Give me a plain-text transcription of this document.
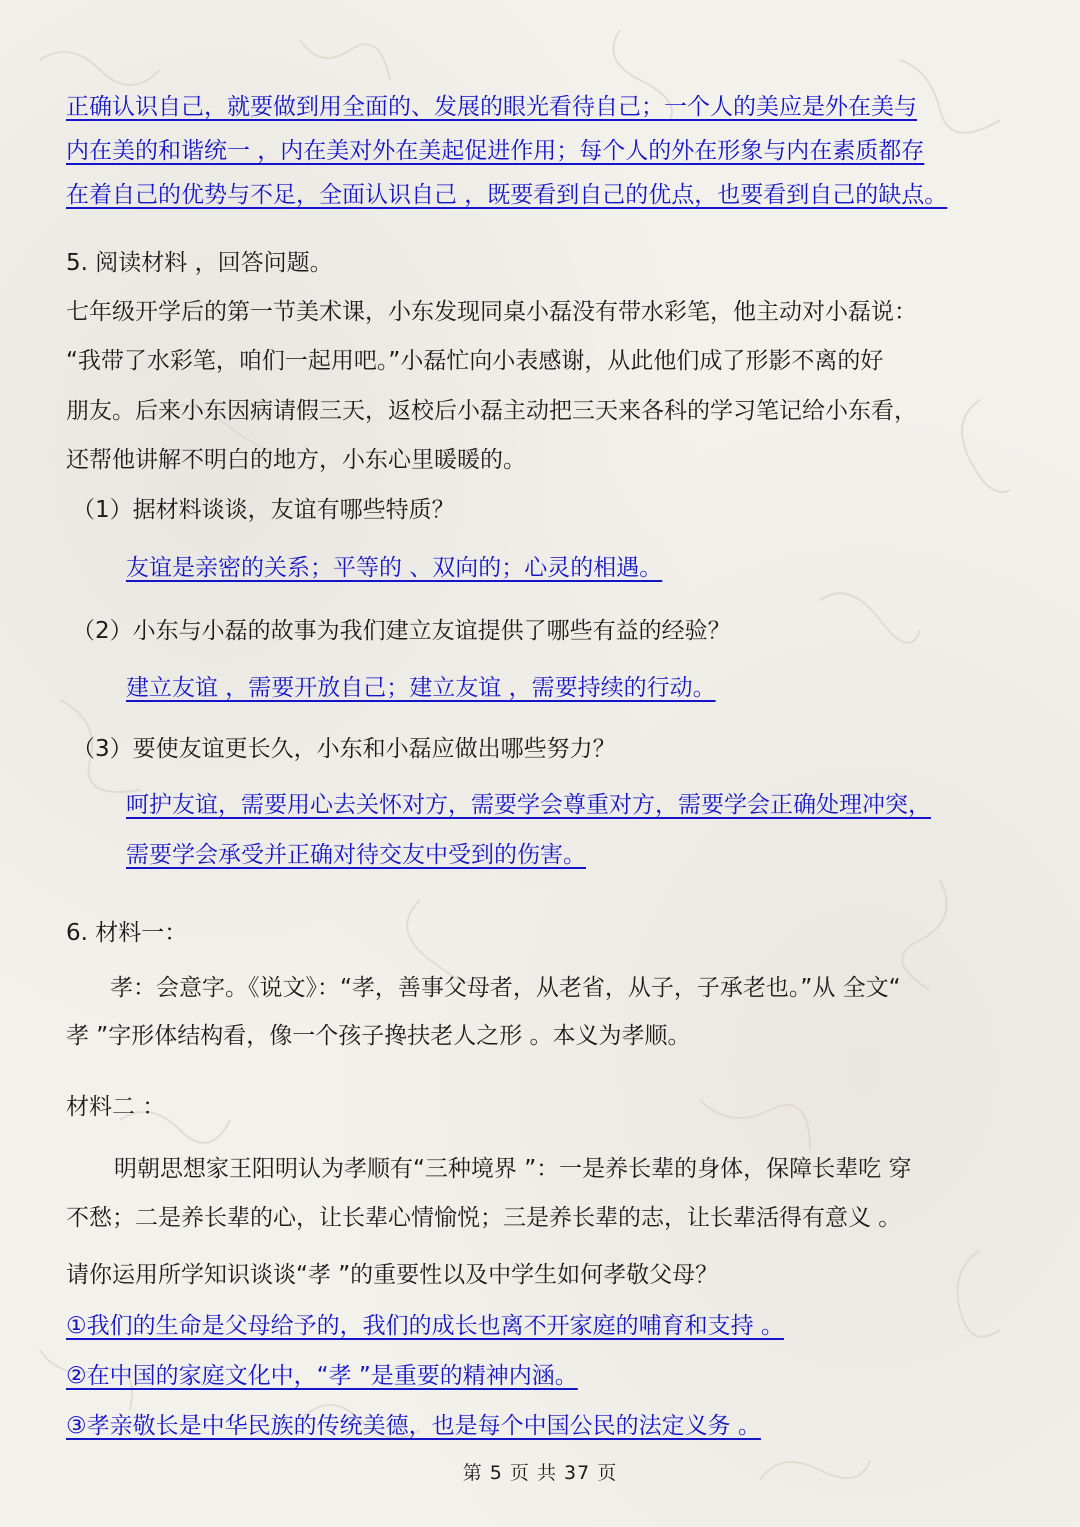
正确认识自己，就要做到用全面的、发展的眼光看待自己；一个人的美应是外在美与
内在美的和谐统一 ，内在美对外在美起促进作用；每个人的外在形象与内在素质都存
在着自己的优势与不足，全面认识自己 ，既要看到自己的优点，也要看到自己的缺点。
5. 阅读材料 ，回答问题。
七年级开学后的第一节美术课，小东发现同桌小磊没有带水彩笔，他主动对小磊说：
“我带了水彩笔，咱们一起用吧。”小磊忙向小表感谢，从此他们成了形影不离的好
朋友。后来小东因病请假三天，返校后小磊主动把三天来各科的学习笔记给小东看，
还帮他讲解不明白的地方，小东心里暖暖的。
（1）据材料谈谈，友谊有哪些特质？
友谊是亲密的关系；平等的 、双向的；心灵的相遇。
（2）小东与小磊的故事为我们建立友谊提供了哪些有益的经验？
建立友谊 ，需要开放自己；建立友谊 ，需要持续的行动。
（3）要使友谊更长久，小东和小磊应做出哪些努力？
呵护友谊，需要用心去关怀对方，需要学会尊重对方，需要学会正确处理冲突，
需要学会承受并正确对待交友中受到的伤害。
6. 材料一：
孝：会意字。《说文》：“孝，善事父母者，从老省，从子，子承老也。”从 全文“
孝 ”字形体结构看，像一个孩子搀扶老人之形 。本义为孝顺。
材料二 ：
明朝思想家王阳明认为孝顺有“三种境界 ”：一是养长辈的身体，保障长辈吃 穿
不愁；二是养长辈的心，让长辈心情愉悦；三是养长辈的志，让长辈活得有意义 。
请你运用所学知识谈谈“孝 ”的重要性以及中学生如何孝敬父母？
①我们的生命是父母给予的，我们的成长也离不开家庭的哺育和支持 。
②在中国的家庭文化中，“孝 ”是重要的精神内涵。
③孝亲敬长是中华民族的传统美德，也是每个中国公民的法定义务 。
第 5 页 共 37 页
